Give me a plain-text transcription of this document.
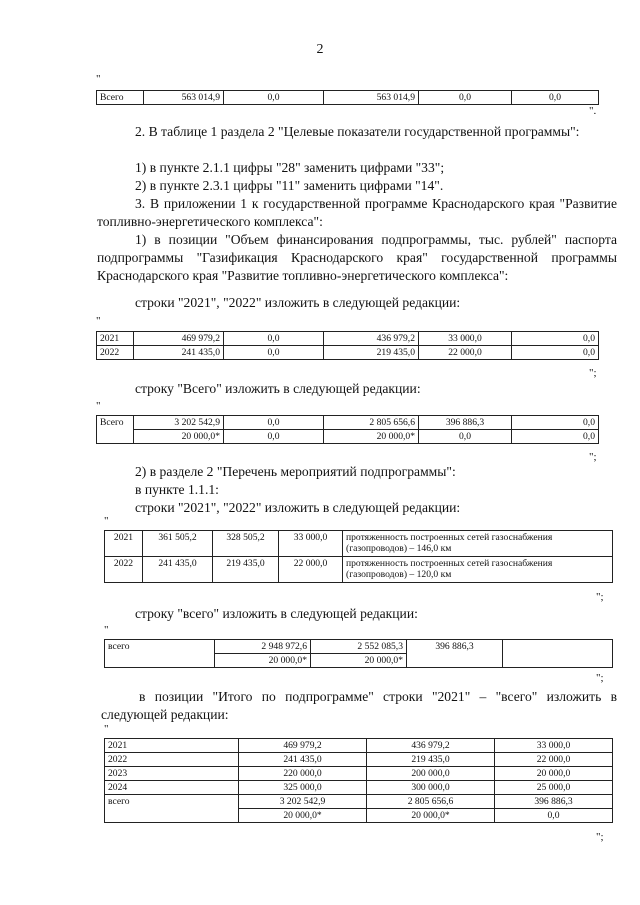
2
"
Всего	563 014,9	0,0	563 014,9	0,0	0,0
".
2. В таблице 1 раздела 2 "Целевые показатели государственной программы":
1) в пункте 2.1.1 цифры "28" заменить цифрами "33";
2) в пункте 2.3.1 цифры "11" заменить цифрами "14".
3. В приложении 1 к государственной программе Краснодарского края "Развитие топливно-энергетического комплекса":
1) в позиции "Объем финансирования подпрограммы, тыс. рублей" паспорта подпрограммы "Газификация Краснодарского края" государственной программы Краснодарского края "Развитие топливно-энергетического комплекса":
строки "2021", "2022" изложить в следующей редакции:
"
2021	469 979,2	0,0	436 979,2	33 000,0	0,0
2022	241 435,0	0,0	219 435,0	22 000,0	0,0
";
строку "Всего" изложить в следующей редакции:
"
Всего	3 202 542,9	0,0	2 805 656,6	396 886,3	0,0
	20 000,0*	0,0	20 000,0*	0,0	0,0
";
2) в разделе 2 "Перечень мероприятий подпрограммы":
в пункте 1.1.1:
строки "2021", "2022" изложить в следующей редакции:
"
2021	361 505,2	328 505,2	33 000,0	протяженность построенных сетей газоснабжения (газопроводов) – 146,0 км
2022	241 435,0	219 435,0	22 000,0	протяженность построенных сетей газоснабжения (газопроводов) – 120,0 км
";
строку "всего" изложить в следующей редакции:
"
всего	2 948 972,6	2 552 085,3	396 886,3	
	20 000,0*	20 000,0*		
";
в позиции "Итого по подпрограмме" строки "2021" – "всего" изложить в следующей редакции:
"
2021	469 979,2	436 979,2	33 000,0
2022	241 435,0	219 435,0	22 000,0
2023	220 000,0	200 000,0	20 000,0
2024	325 000,0	300 000,0	25 000,0
всего	3 202 542,9	2 805 656,6	396 886,3
	20 000,0*	20 000,0*	0,0
";
